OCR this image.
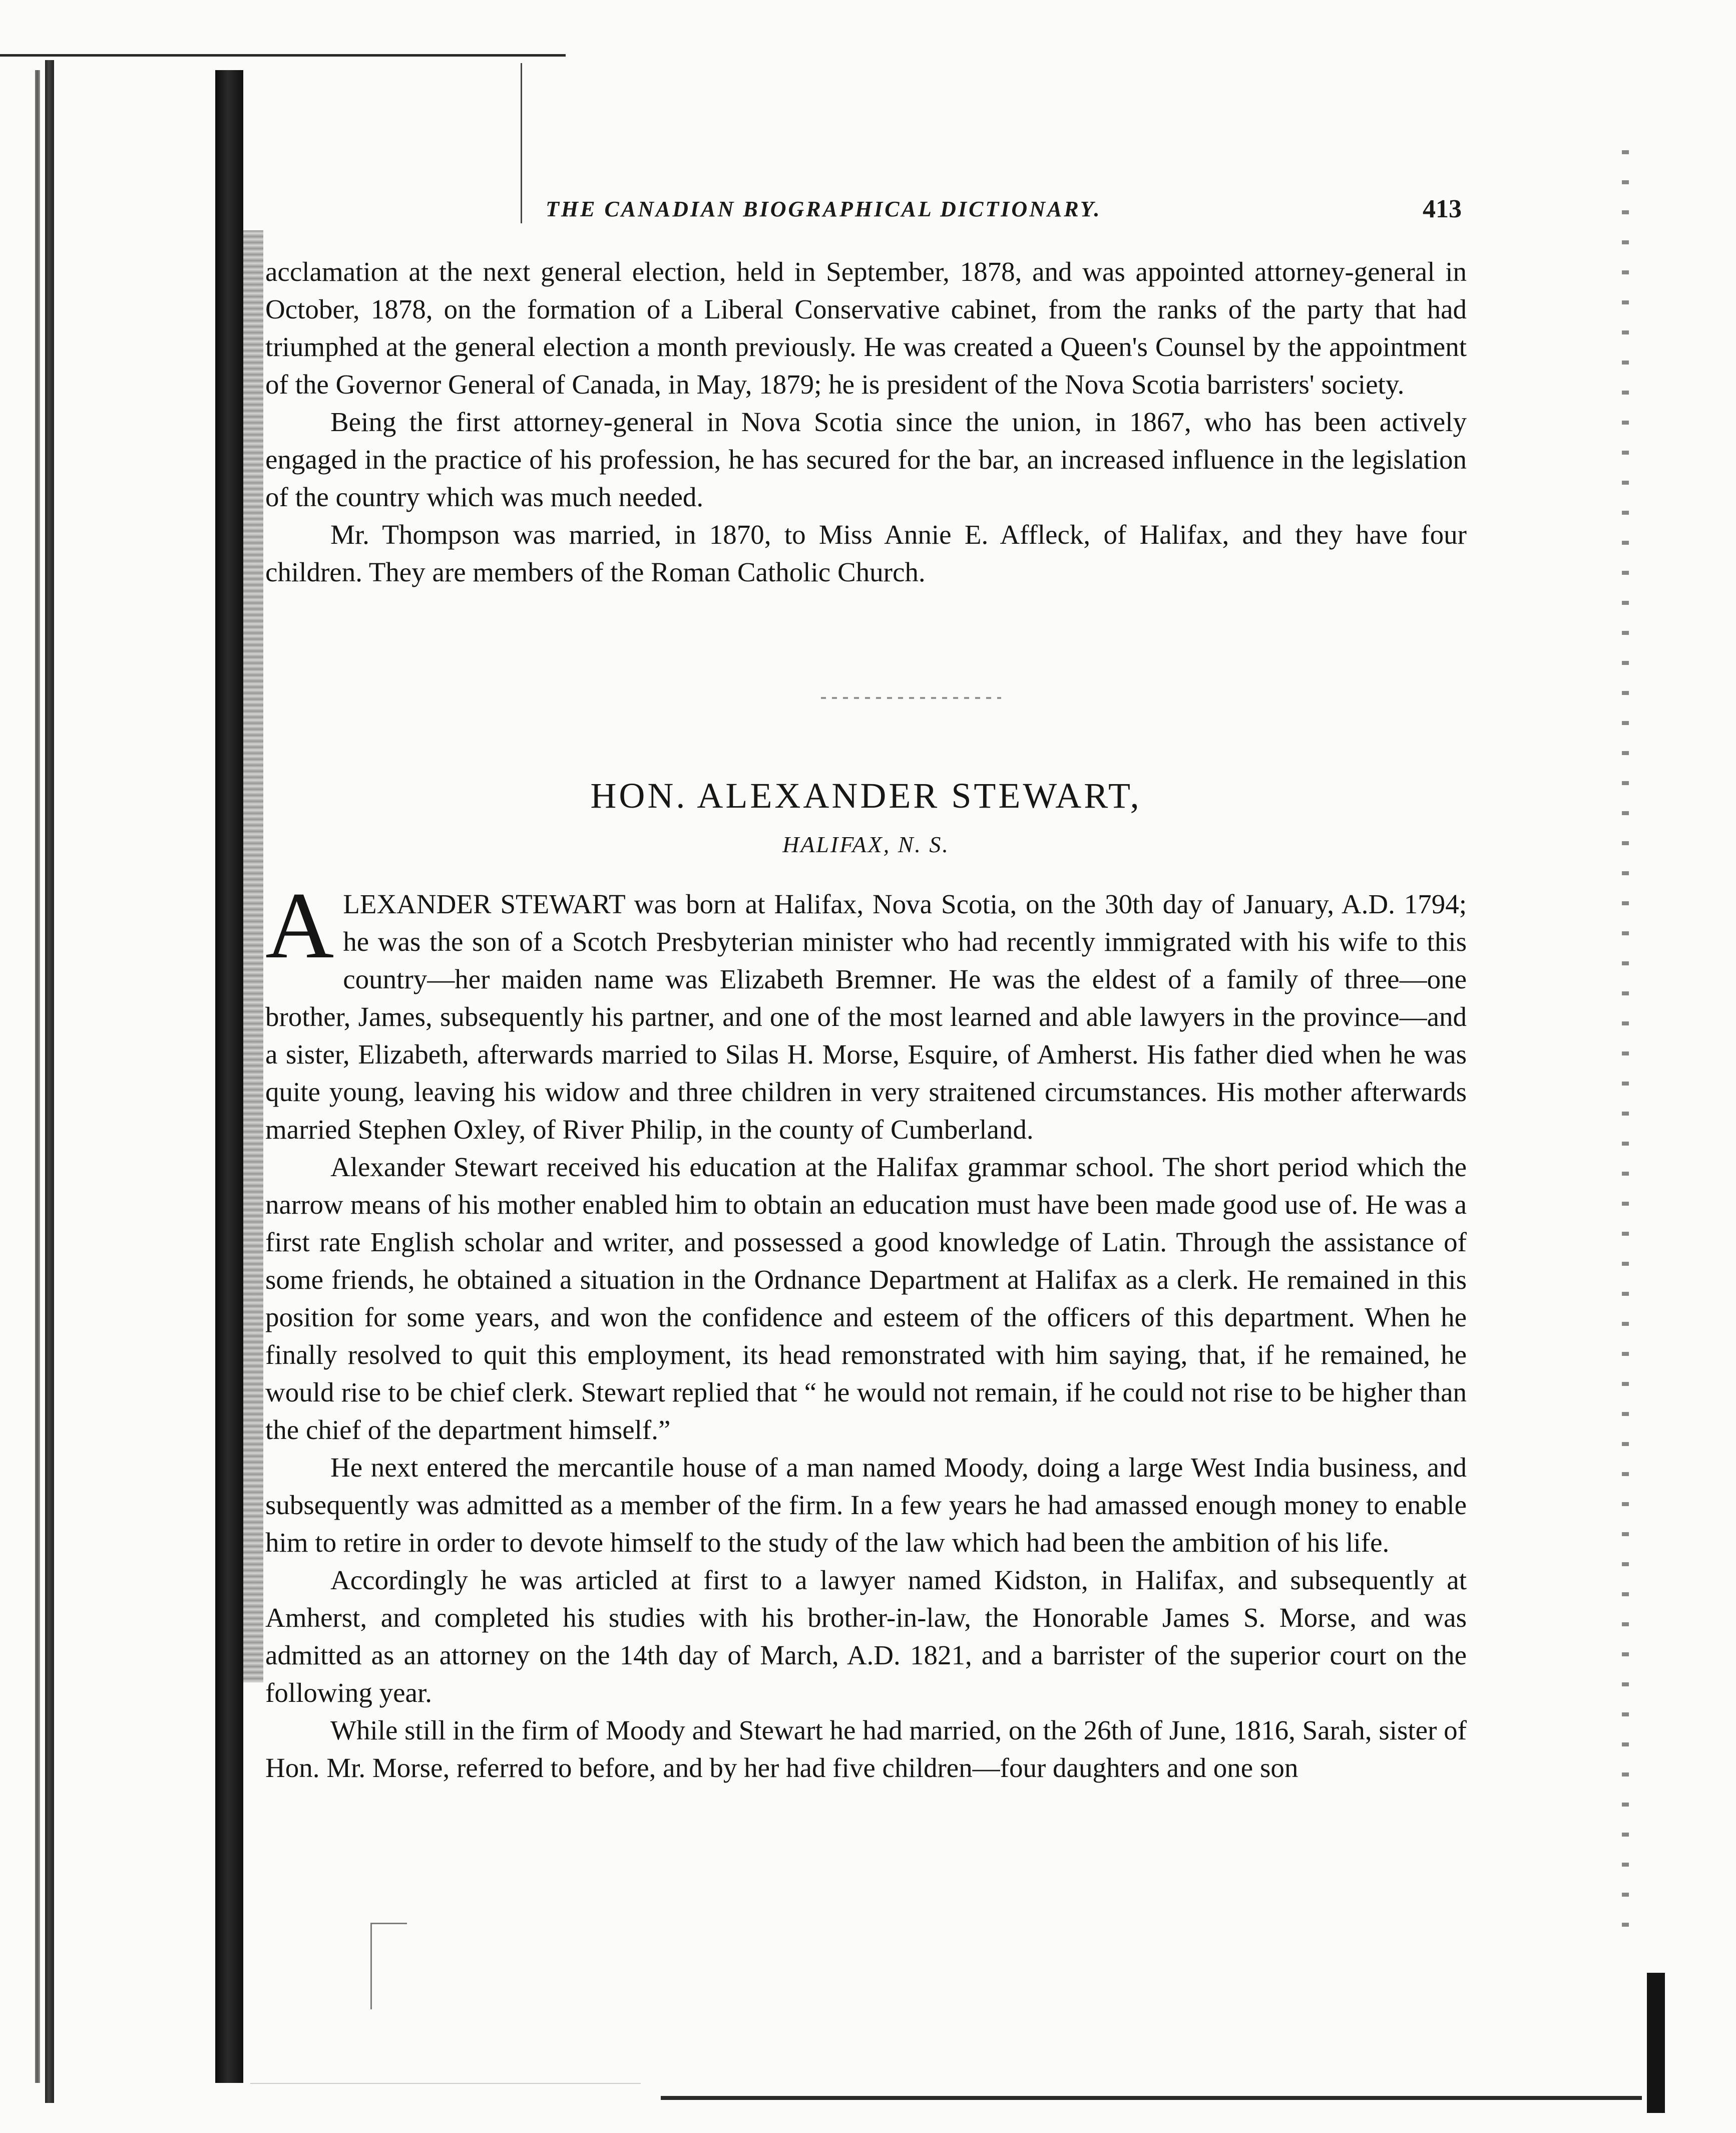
THE CANADIAN BIOGRAPHICAL DICTIONARY.	413

acclamation at the next general election, held in September, 1878, and was appointed attorney-general in October, 1878, on the formation of a Liberal Conservative cabinet, from the ranks of the party that had triumphed at the general election a month previously. He was created a Queen's Counsel by the appointment of the Governor General of Canada, in May, 1879; he is president of the Nova Scotia barristers' society.

Being the first attorney-general in Nova Scotia since the union, in 1867, who has been actively engaged in the practice of his profession, he has secured for the bar, an increased influence in the legislation of the country which was much needed.

Mr. Thompson was married, in 1870, to Miss Annie E. Affleck, of Halifax, and they have four children. They are members of the Roman Catholic Church.

HON. ALEXANDER STEWART,
HALIFAX, N. S.

ALEXANDER STEWART was born at Halifax, Nova Scotia, on the 30th day of January, A.D. 1794; he was the son of a Scotch Presbyterian minister who had recently immigrated with his wife to this country—her maiden name was Elizabeth Bremner. He was the eldest of a family of three—one brother, James, subsequently his partner, and one of the most learned and able lawyers in the province—and a sister, Elizabeth, afterwards married to Silas H. Morse, Esquire, of Amherst. His father died when he was quite young, leaving his widow and three children in very straitened circumstances. His mother afterwards married Stephen Oxley, of River Philip, in the county of Cumberland.

Alexander Stewart received his education at the Halifax grammar school. The short period which the narrow means of his mother enabled him to obtain an education must have been made good use of. He was a first rate English scholar and writer, and possessed a good knowledge of Latin. Through the assistance of some friends, he obtained a situation in the Ordnance Department at Halifax as a clerk. He remained in this position for some years, and won the confidence and esteem of the officers of this department. When he finally resolved to quit this employment, its head remonstrated with him saying, that, if he remained, he would rise to be chief clerk. Stewart replied that “ he would not remain, if he could not rise to be higher than the chief of the department himself.”

He next entered the mercantile house of a man named Moody, doing a large West India business, and subsequently was admitted as a member of the firm. In a few years he had amassed enough money to enable him to retire in order to devote himself to the study of the law which had been the ambition of his life.

Accordingly he was articled at first to a lawyer named Kidston, in Halifax, and subsequently at Amherst, and completed his studies with his brother-in-law, the Honorable James S. Morse, and was admitted as an attorney on the 14th day of March, A.D. 1821, and a barrister of the superior court on the following year.

While still in the firm of Moody and Stewart he had married, on the 26th of June, 1816, Sarah, sister of Hon. Mr. Morse, referred to before, and by her had five children—four daughters and one son
